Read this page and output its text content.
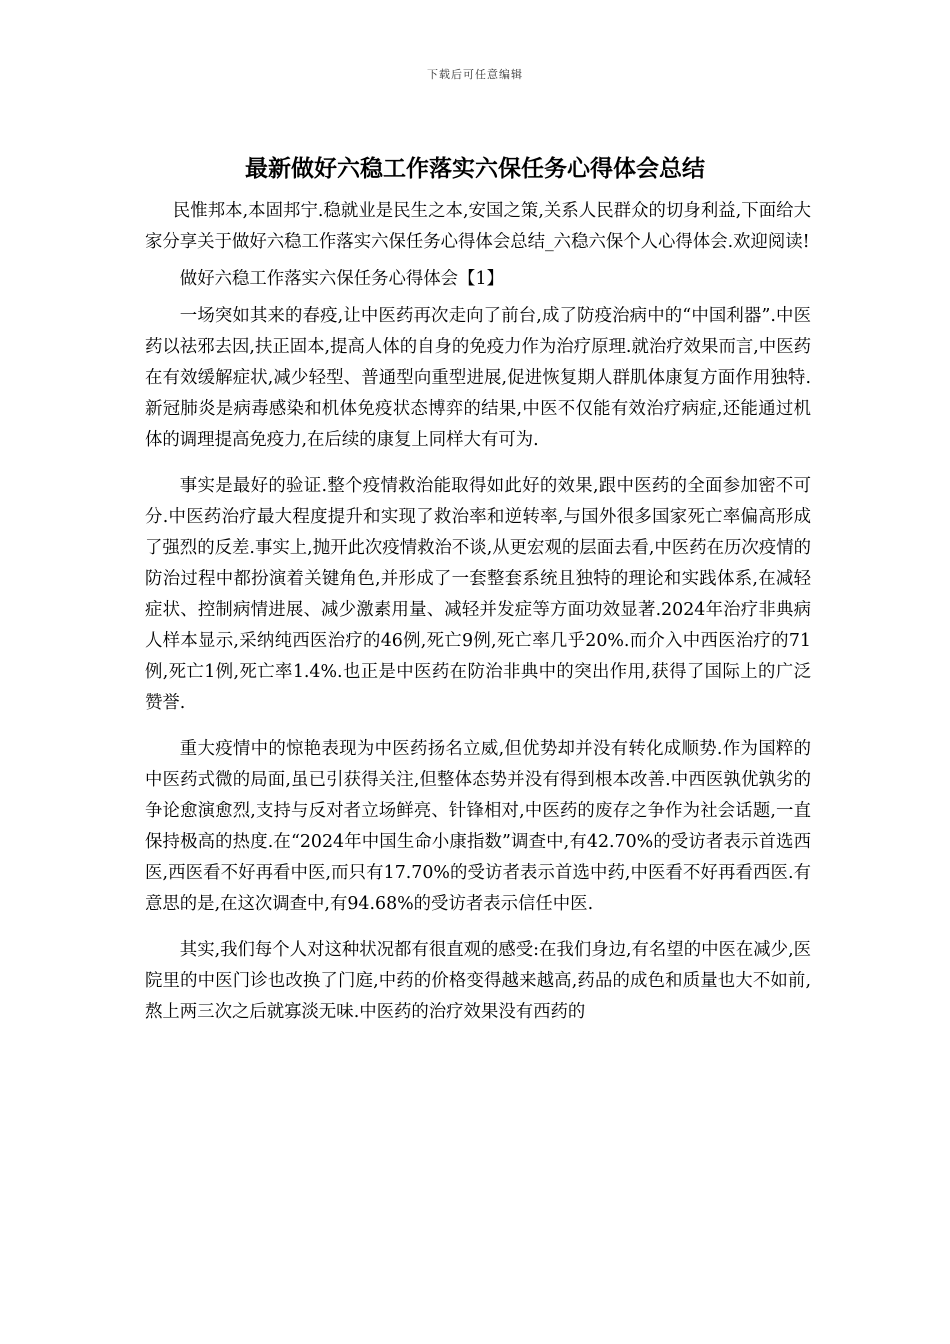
下载后可任意编辑
最新做好六稳工作落实六保任务心得体会总结

民惟邦本,本固邦宁.稳就业是民生之本,安国之策,关系人民群众的切身利益,下面给大家分享关于做好六稳工作落实六保任务心得体会总结_六稳六保个人心得体会.欢迎阅读!

做好六稳工作落实六保任务心得体会【1】

一场突如其来的春疫,让中医药再次走向了前台,成了防疫治病中的“中国利器”.中医药以祛邪去因,扶正固本,提高人体的自身的免疫力作为治疗原理.就治疗效果而言,中医药在有效缓解症状,减少轻型、普通型向重型进展,促进恢复期人群肌体康复方面作用独特.新冠肺炎是病毒感染和机体免疫状态博弈的结果,中医不仅能有效治疗病症,还能通过机体的调理提高免疫力,在后续的康复上同样大有可为.

事实是最好的验证.整个疫情救治能取得如此好的效果,跟中医药的全面参加密不可分.中医药治疗最大程度提升和实现了救治率和逆转率,与国外很多国家死亡率偏高形成了强烈的反差.事实上,抛开此次疫情救治不谈,从更宏观的层面去看,中医药在历次疫情的防治过程中都扮演着关键角色,并形成了一套整套系统且独特的理论和实践体系,在减轻症状、控制病情进展、减少激素用量、减轻并发症等方面功效显著.2024年治疗非典病人样本显示,采纳纯西医治疗的46例,死亡9例,死亡率几乎20%.而介入中西医治疗的71例,死亡1例,死亡率1.4%.也正是中医药在防治非典中的突出作用,获得了国际上的广泛赞誉.

重大疫情中的惊艳表现为中医药扬名立威,但优势却并没有转化成顺势.作为国粹的中医药式微的局面,虽已引获得关注,但整体态势并没有得到根本改善.中西医孰优孰劣的争论愈演愈烈,支持与反对者立场鲜亮、针锋相对,中医药的废存之争作为社会话题,一直保持极高的热度.在“2024年中国生命小康指数”调查中,有42.70%的受访者表示首选西医,西医看不好再看中医,而只有17.70%的受访者表示首选中药,中医看不好再看西医.有意思的是,在这次调查中,有94.68%的受访者表示信任中医.

其实,我们每个人对这种状况都有很直观的感受:在我们身边,有名望的中医在减少,医院里的中医门诊也改换了门庭,中药的价格变得越来越高,药品的成色和质量也大不如前,熬上两三次之后就寡淡无味.中医药的治疗效果没有西药的
